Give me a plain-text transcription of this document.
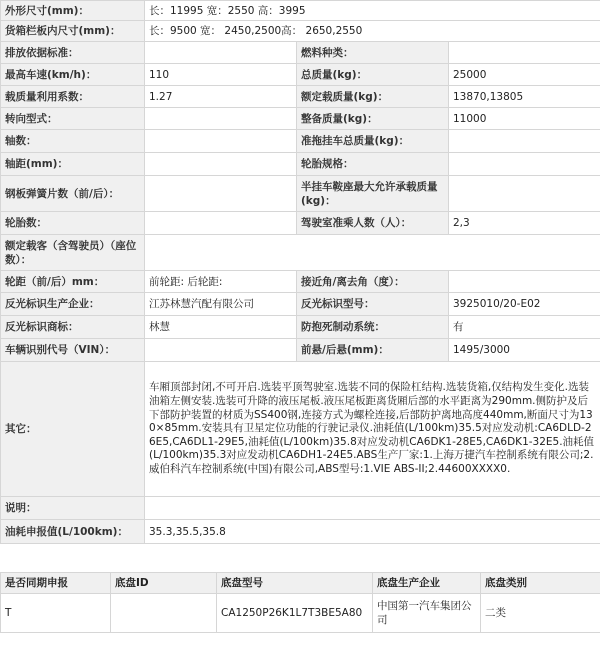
外形尺寸(mm)：	长：11995 宽：2550 高：3995		
货箱栏板内尺寸(mm)：	长：9500 宽： 2450,2500高： 2650,2550		
排放依据标准：		燃料种类：	
最高车速(km/h)：	110	总质量(kg)：	25000
载质量利用系数：	1.27	额定载质量(kg)：	13870,13805
转向型式：		整备质量(kg)：	11000
轴数：		准拖挂车总质量(kg)：	
轴距(mm)：		轮胎规格：	
钢板弹簧片数（前/后）：		半挂车鞍座最大允许承载质量(kg)：	
轮胎数：		驾驶室准乘人数（人）：	2,3
额定载客（含驾驶员）（座位数）：			
轮距（前/后）mm：	前轮距: 后轮距:	接近角/离去角（度）：	
反光标识生产企业：	江苏林慧汽配有限公司	反光标识型号：	3925010/20-E02
反光标识商标：	林慧	防抱死制动系统：	有
车辆识别代号（VIN）：		前悬/后悬(mm)：	1495/3000
其它：	车厢顶部封闭,不可开启.选装平顶驾驶室.选装不同的保险杠结构.选装货箱,仅结构发生变化.选装油箱左侧安装.选装可升降的液压尾板.液压尾板距离货厢后部的水平距离为290mm.侧防护及后下部防护装置的材质为SS400钢,连接方式为螺栓连接,后部防护离地高度440mm,断面尺寸为130×85mm.安装具有卫星定位功能的行驶记录仪.油耗值(L/100km)35.5对应发动机:CA6DLD-26E5,CA6DL1-29E5,油耗值(L/100km)35.8对应发动机CA6DK1-28E5,CA6DK1-32E5.油耗值(L/100km)35.3对应发动机CA6DH1-24E5.ABS生产厂家:1.上海万捷汽车控制系统有限公司;2.威伯科汽车控制系统(中国)有限公司,ABS型号:1.VIE ABS-II;2.44600XXXX0.		
说明：			
油耗申报值(L/100km)：	35.3,35.5,35.8		
是否同期申报	底盘ID	底盘型号	底盘生产企业	底盘类别
T		CA1250P26K1L7T3BE5A80	中国第一汽车集团公司	二类
